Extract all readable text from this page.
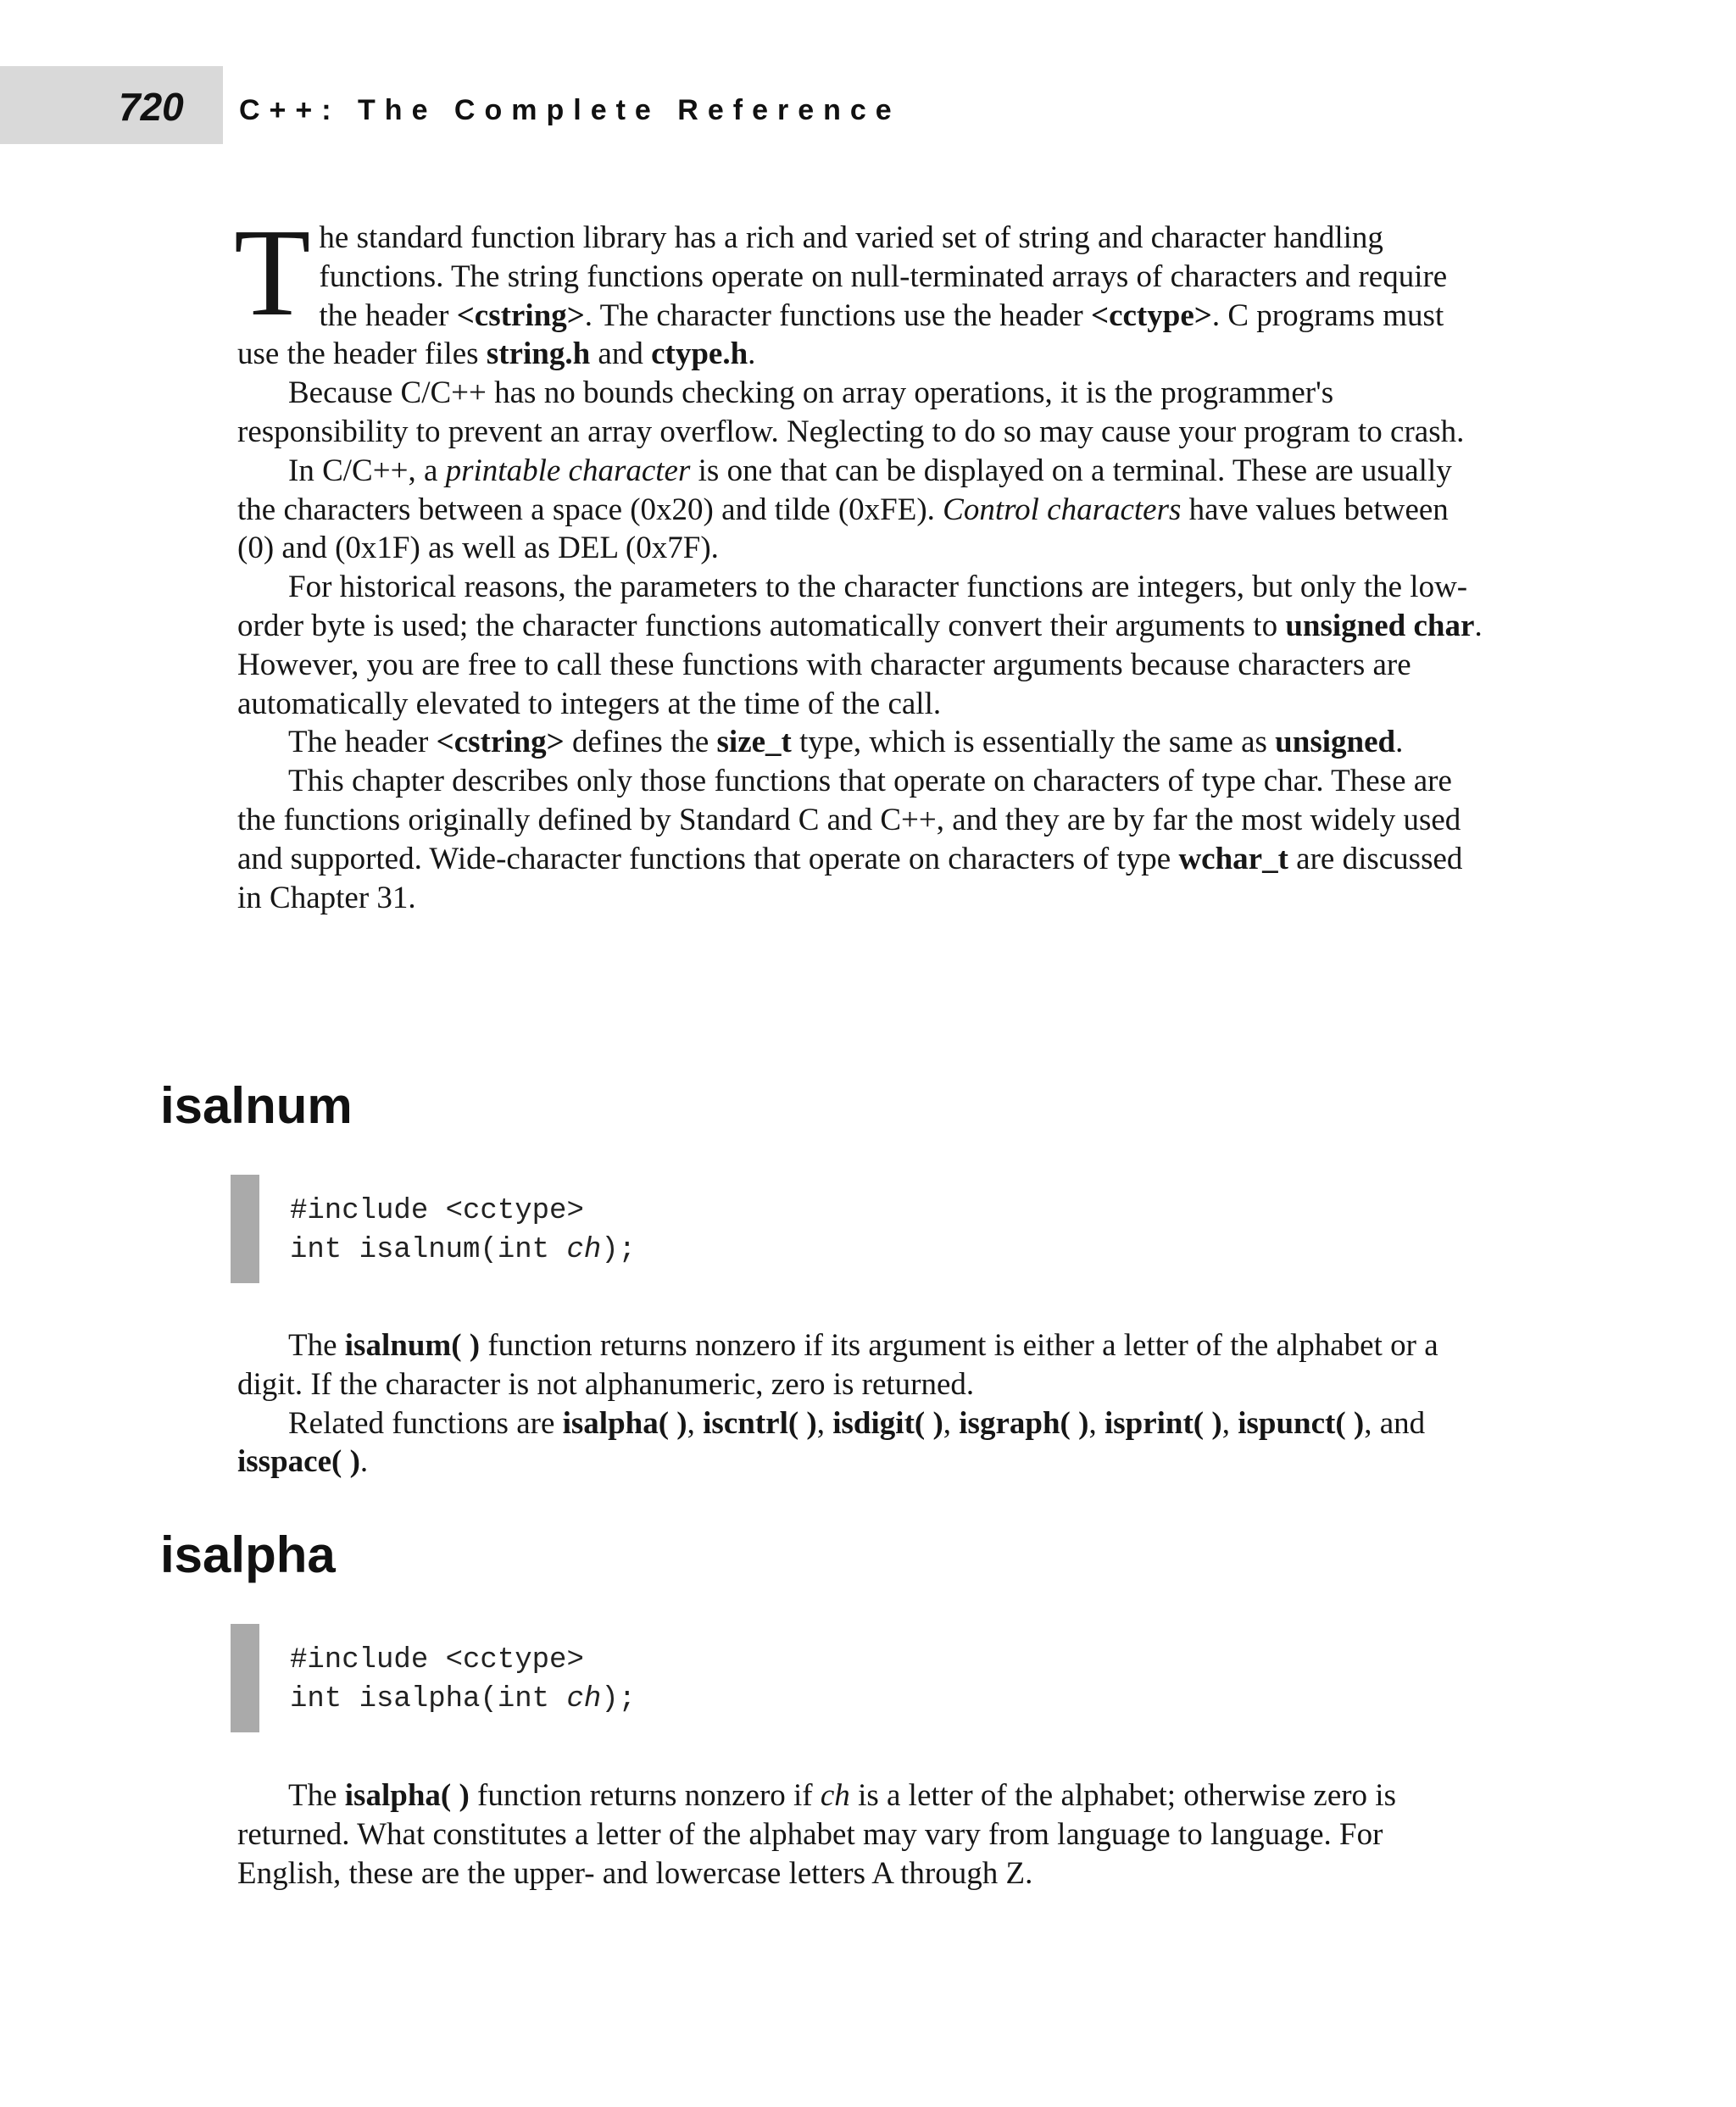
720 C++: The Complete Reference

The standard function library has a rich and varied set of string and character handling functions. The string functions operate on null-terminated arrays of characters and require the header <cstring>. The character functions use the header <cctype>. C programs must use the header files string.h and ctype.h.

Because C/C++ has no bounds checking on array operations, it is the programmer's responsibility to prevent an array overflow. Neglecting to do so may cause your program to crash.

In C/C++, a printable character is one that can be displayed on a terminal. These are usually the characters between a space (0x20) and tilde (0xFE). Control characters have values between (0) and (0x1F) as well as DEL (0x7F).

For historical reasons, the parameters to the character functions are integers, but only the low-order byte is used; the character functions automatically convert their arguments to unsigned char. However, you are free to call these functions with character arguments because characters are automatically elevated to integers at the time of the call.

The header <cstring> defines the size_t type, which is essentially the same as unsigned.

This chapter describes only those functions that operate on characters of type char. These are the functions originally defined by Standard C and C++, and they are by far the most widely used and supported. Wide-character functions that operate on characters of type wchar_t are discussed in Chapter 31.

isalnum
#include <cctype>
int isalnum(int ch);

The isalnum( ) function returns nonzero if its argument is either a letter of the alphabet or a digit. If the character is not alphanumeric, zero is returned.

Related functions are isalpha( ), iscntrl( ), isdigit( ), isgraph( ), isprint( ), ispunct( ), and isspace( ).

isalpha
#include <cctype>
int isalpha(int ch);

The isalpha( ) function returns nonzero if ch is a letter of the alphabet; otherwise zero is returned. What constitutes a letter of the alphabet may vary from language to language. For English, these are the upper- and lowercase letters A through Z.
